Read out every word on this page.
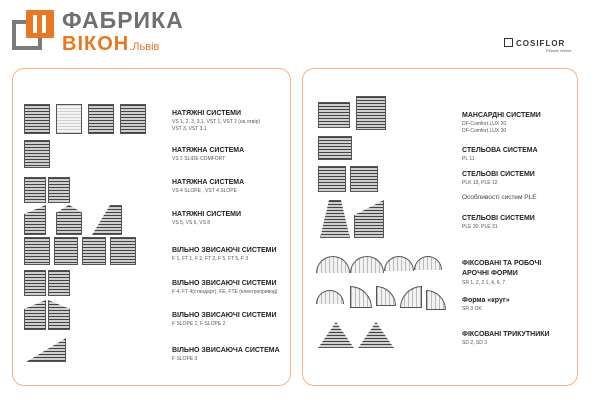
ФАБРИКА
ВІКОН.Львів	COSIFLOR
Plissee Werke
НАТЯЖНІ СИСТЕМИ
VS 1, 2, 3, 3.1, VST 1, VST 2 (на отвір)
VST 3, VST 3.1
НАТЯЖНА СИСТЕМА
VS 2 SLIDE COMFORT
НАТЯЖНА СИСТЕМА
VS 4 SLOPE , VST 4 SLOPE
НАТЯЖНІ СИСТЕМИ
VS 5, VS 6, VS 8
ВІЛЬНО ЗВИСАЮЧІ СИСТЕМИ
F 1, FT 1, F 2, FT 2, F 5, FT 5, F 3
ВІЛЬНО ЗВИСАЮЧІ СИСТЕМИ
F 4, FT 4(стандарт), FE, FTE (електропривод)
ВІЛЬНО ЗВИСАЮЧІ СИСТЕМИ
F SLOPE 1, F SLOPE 2
ВІЛЬНО ЗВИСАЮЧА СИСТЕМА
F SLOPE 3
МАНСАРДНІ СИСТЕМИ
DF-Comfort LUX 20
DF-Comfort LUX 30
СТЕЛЬОВА СИСТЕМА
PL 11
СТЕЛЬОВІ СИСТЕМИ
PLK 13, PLE 12
Особливості систем PLE
СТЕЛЬОВІ СИСТЕМИ
PLE 30, PLE 31
ФІКСОВАНІ ТА РОБОЧІ
АРОЧНІ ФОРМИ
SR 1, 2, 2.1, 4, 6, 7
Форма «круг»
SR 3 OK
ФІКСОВАНІ ТРИКУТНИКИ
SD 2, SD 3
